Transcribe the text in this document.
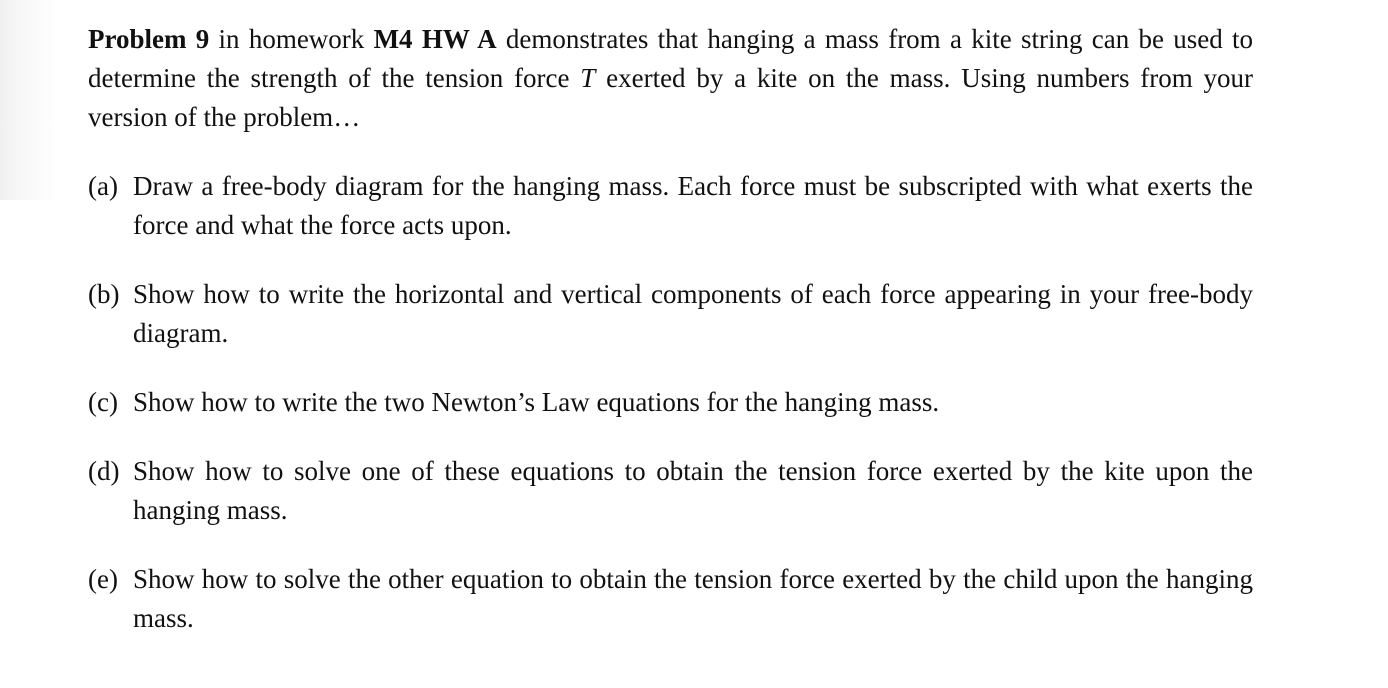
Problem 9 in homework M4 HW A demonstrates that hanging a mass from a kite string can be used to determine the strength of the tension force T exerted by a kite on the mass. Using numbers from your version of the problem…

(a) Draw a free-body diagram for the hanging mass. Each force must be subscripted with what exerts the force and what the force acts upon.
(b) Show how to write the horizontal and vertical components of each force appearing in your free-body diagram.
(c) Show how to write the two Newton’s Law equations for the hanging mass.
(d) Show how to solve one of these equations to obtain the tension force exerted by the kite upon the hanging mass.
(e) Show how to solve the other equation to obtain the tension force exerted by the child upon the hanging mass.
